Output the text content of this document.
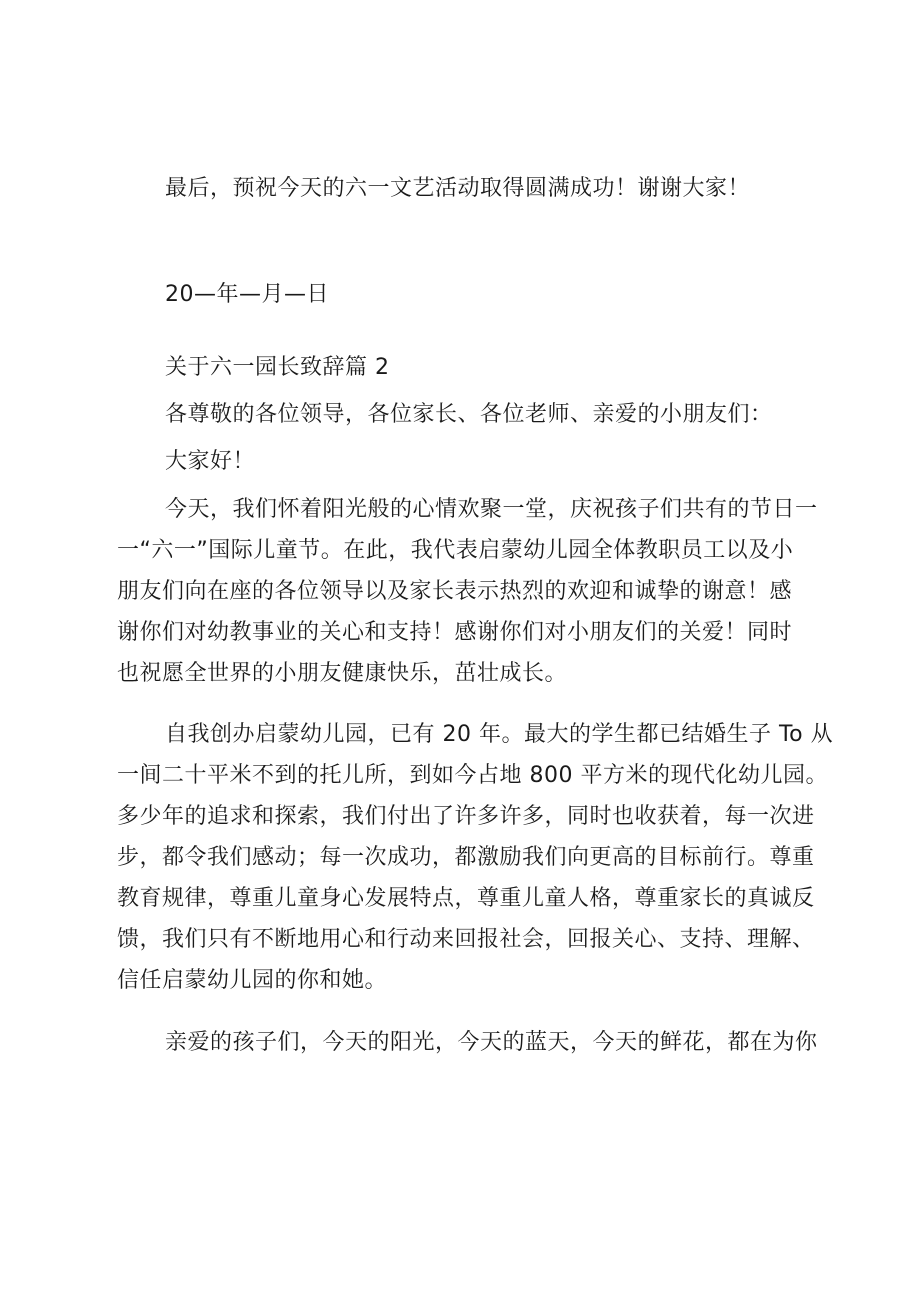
最后，预祝今天的六一文艺活动取得圆满成功！谢谢大家！
20—年—月—日
关于六一园长致辞篇 2
各尊敬的各位领导，各位家长、各位老师、亲爱的小朋友们：
大家好！
今天，我们怀着阳光般的心情欢聚一堂，庆祝孩子们共有的节日一
一“六一”国际儿童节。在此，我代表启蒙幼儿园全体教职员工以及小
朋友们向在座的各位领导以及家长表示热烈的欢迎和诚挚的谢意！感
谢你们对幼教事业的关心和支持！感谢你们对小朋友们的关爱！同时
也祝愿全世界的小朋友健康快乐，茁壮成长。
自我创办启蒙幼儿园，已有 20 年。最大的学生都已结婚生子 To 从
一间二十平米不到的托儿所，到如今占地 800 平方米的现代化幼儿园。
多少年的追求和探索，我们付出了许多许多，同时也收获着，每一次进
步，都令我们感动；每一次成功，都激励我们向更高的目标前行。尊重
教育规律，尊重儿童身心发展特点，尊重儿童人格，尊重家长的真诚反
馈，我们只有不断地用心和行动来回报社会，回报关心、支持、理解、
信任启蒙幼儿园的你和她。
亲爱的孩子们，今天的阳光，今天的蓝天，今天的鲜花，都在为你
